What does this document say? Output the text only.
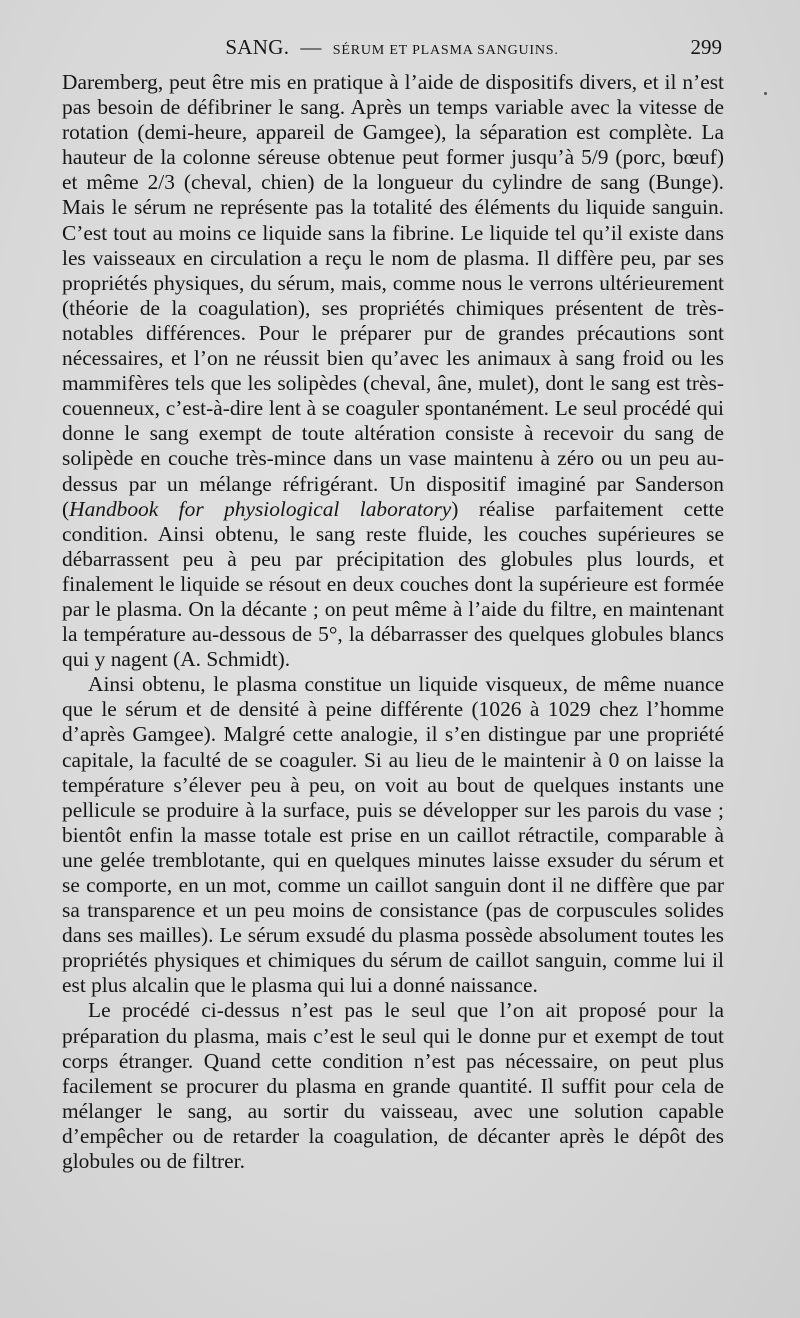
SANG. — SÉRUM ET PLASMA SANGUINS.	299

Daremberg, peut être mis en pratique à l’aide de dispositifs divers, et il n’est pas besoin de défibriner le sang. Après un temps variable avec la vitesse de rotation (demi-heure, appareil de Gamgee), la séparation est complète. La hauteur de la colonne séreuse obtenue peut former jusqu’à 5/9 (porc, bœuf) et même 2/3 (cheval, chien) de la longueur du cylindre de sang (Bunge). Mais le sérum ne représente pas la totalité des éléments du liquide sanguin. C’est tout au moins ce liquide sans la fibrine. Le liquide tel qu’il existe dans les vaisseaux en circulation a reçu le nom de plasma. Il diffère peu, par ses propriétés physiques, du sérum, mais, comme nous le verrons ultérieurement (théorie de la coagulation), ses propriétés chimiques présentent de très-notables différences. Pour le préparer pur de grandes précautions sont nécessaires, et l’on ne réussit bien qu’avec les animaux à sang froid ou les mammifères tels que les solipèdes (cheval, âne, mulet), dont le sang est très-couenneux, c’est-à-dire lent à se coaguler spontanément. Le seul procédé qui donne le sang exempt de toute altération consiste à recevoir du sang de solipède en couche très-mince dans un vase maintenu à zéro ou un peu au-dessus par un mélange réfrigérant. Un dispositif imaginé par Sanderson (Handbook for physiological laboratory) réalise parfaitement cette condition. Ainsi obtenu, le sang reste fluide, les couches supérieures se débarrassent peu à peu par précipitation des globules plus lourds, et finalement le liquide se résout en deux couches dont la supérieure est formée par le plasma. On la décante ; on peut même à l’aide du filtre, en maintenant la température au-dessous de 5°, la débarrasser des quelques globules blancs qui y nagent (A. Schmidt).

Ainsi obtenu, le plasma constitue un liquide visqueux, de même nuance que le sérum et de densité à peine différente (1026 à 1029 chez l’homme d’après Gamgee). Malgré cette analogie, il s’en distingue par une propriété capitale, la faculté de se coaguler. Si au lieu de le maintenir à 0 on laisse la température s’élever peu à peu, on voit au bout de quelques instants une pellicule se produire à la surface, puis se développer sur les parois du vase ; bientôt enfin la masse totale est prise en un caillot rétractile, comparable à une gelée tremblotante, qui en quelques minutes laisse exsuder du sérum et se comporte, en un mot, comme un caillot sanguin dont il ne diffère que par sa transparence et un peu moins de consistance (pas de corpuscules solides dans ses mailles). Le sérum exsudé du plasma possède absolument toutes les propriétés physiques et chimiques du sérum de caillot sanguin, comme lui il est plus alcalin que le plasma qui lui a donné naissance.

Le procédé ci-dessus n’est pas le seul que l’on ait proposé pour la préparation du plasma, mais c’est le seul qui le donne pur et exempt de tout corps étranger. Quand cette condition n’est pas nécessaire, on peut plus facilement se procurer du plasma en grande quantité. Il suffit pour cela de mélanger le sang, au sortir du vaisseau, avec une solution capable d’empêcher ou de retarder la coagulation, de décanter après le dépôt des globules ou de filtrer.
